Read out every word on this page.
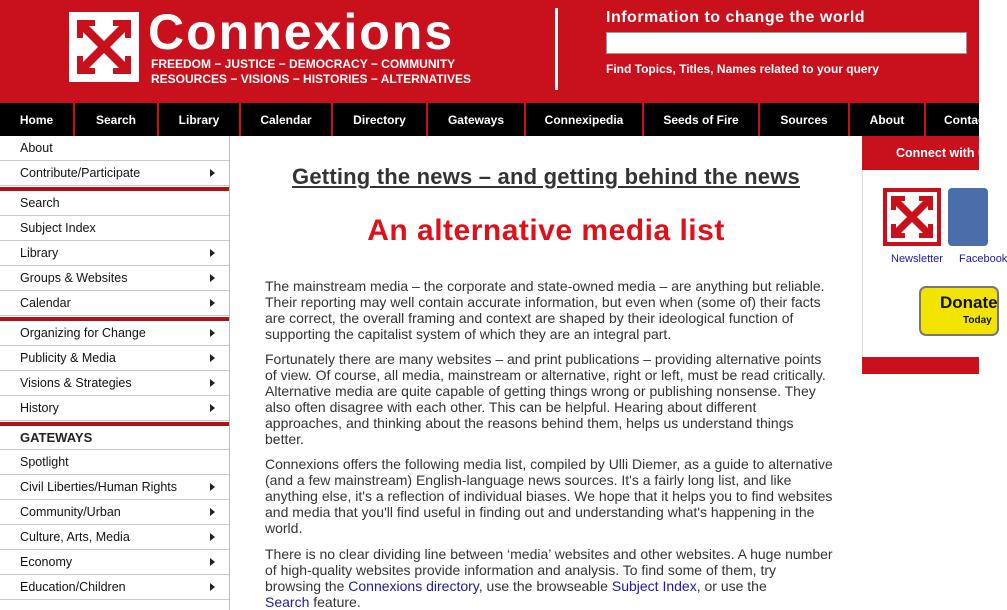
Connexions
FREEDOM − JUSTICE − DEMOCRACY − COMMUNITY
RESOURCES − VISIONS − HISTORIES − ALTERNATIVES
Information to change the world
Find Topics, Titles, Names related to your query
Home	Search	Library	Calendar	Directory	Gateways	Connexipedia	Seeds of Fire	Sources	About	Contact
About
Contribute/Participate
Search
Subject Index
Library
Groups & Websites
Calendar
Organizing for Change
Publicity & Media
Visions & Strategies
History
GATEWAYS
Spotlight
Civil Liberties/Human Rights
Community/Urban
Culture, Arts, Media
Economy
Education/Children
Getting the news – and getting behind the news
An alternative media list

The mainstream media – the corporate and state-owned media – are anything but reliable. Their reporting may well contain accurate information, but even when (some of) their facts are correct, the overall framing and context are shaped by their ideological function of supporting the capitalist system of which they are an integral part.

Fortunately there are many websites – and print publications – providing alternative points of view. Of course, all media, mainstream or alternative, right or left, must be read critically. Alternative media are quite capable of getting things wrong or publishing nonsense. They also often disagree with each other. This can be helpful. Hearing about different approaches, and thinking about the reasons behind them, helps us understand things better.

Connexions offers the following media list, compiled by Ulli Diemer, as a guide to alternative (and a few mainstream) English-language news sources. It's a fairly long list, and like anything else, it's a reflection of individual biases. We hope that it helps you to find websites and media that you'll find useful in finding out and understanding what's happening in the world.

There is no clear dividing line between ‘media’ websites and other websites. A huge number of high-quality websites provide information and analysis. To find some of them, try browsing the Connexions directory, use the browseable Subject Index, or use the
Search feature.

Connect with us
Newsletter Facebook
Donate
Today
